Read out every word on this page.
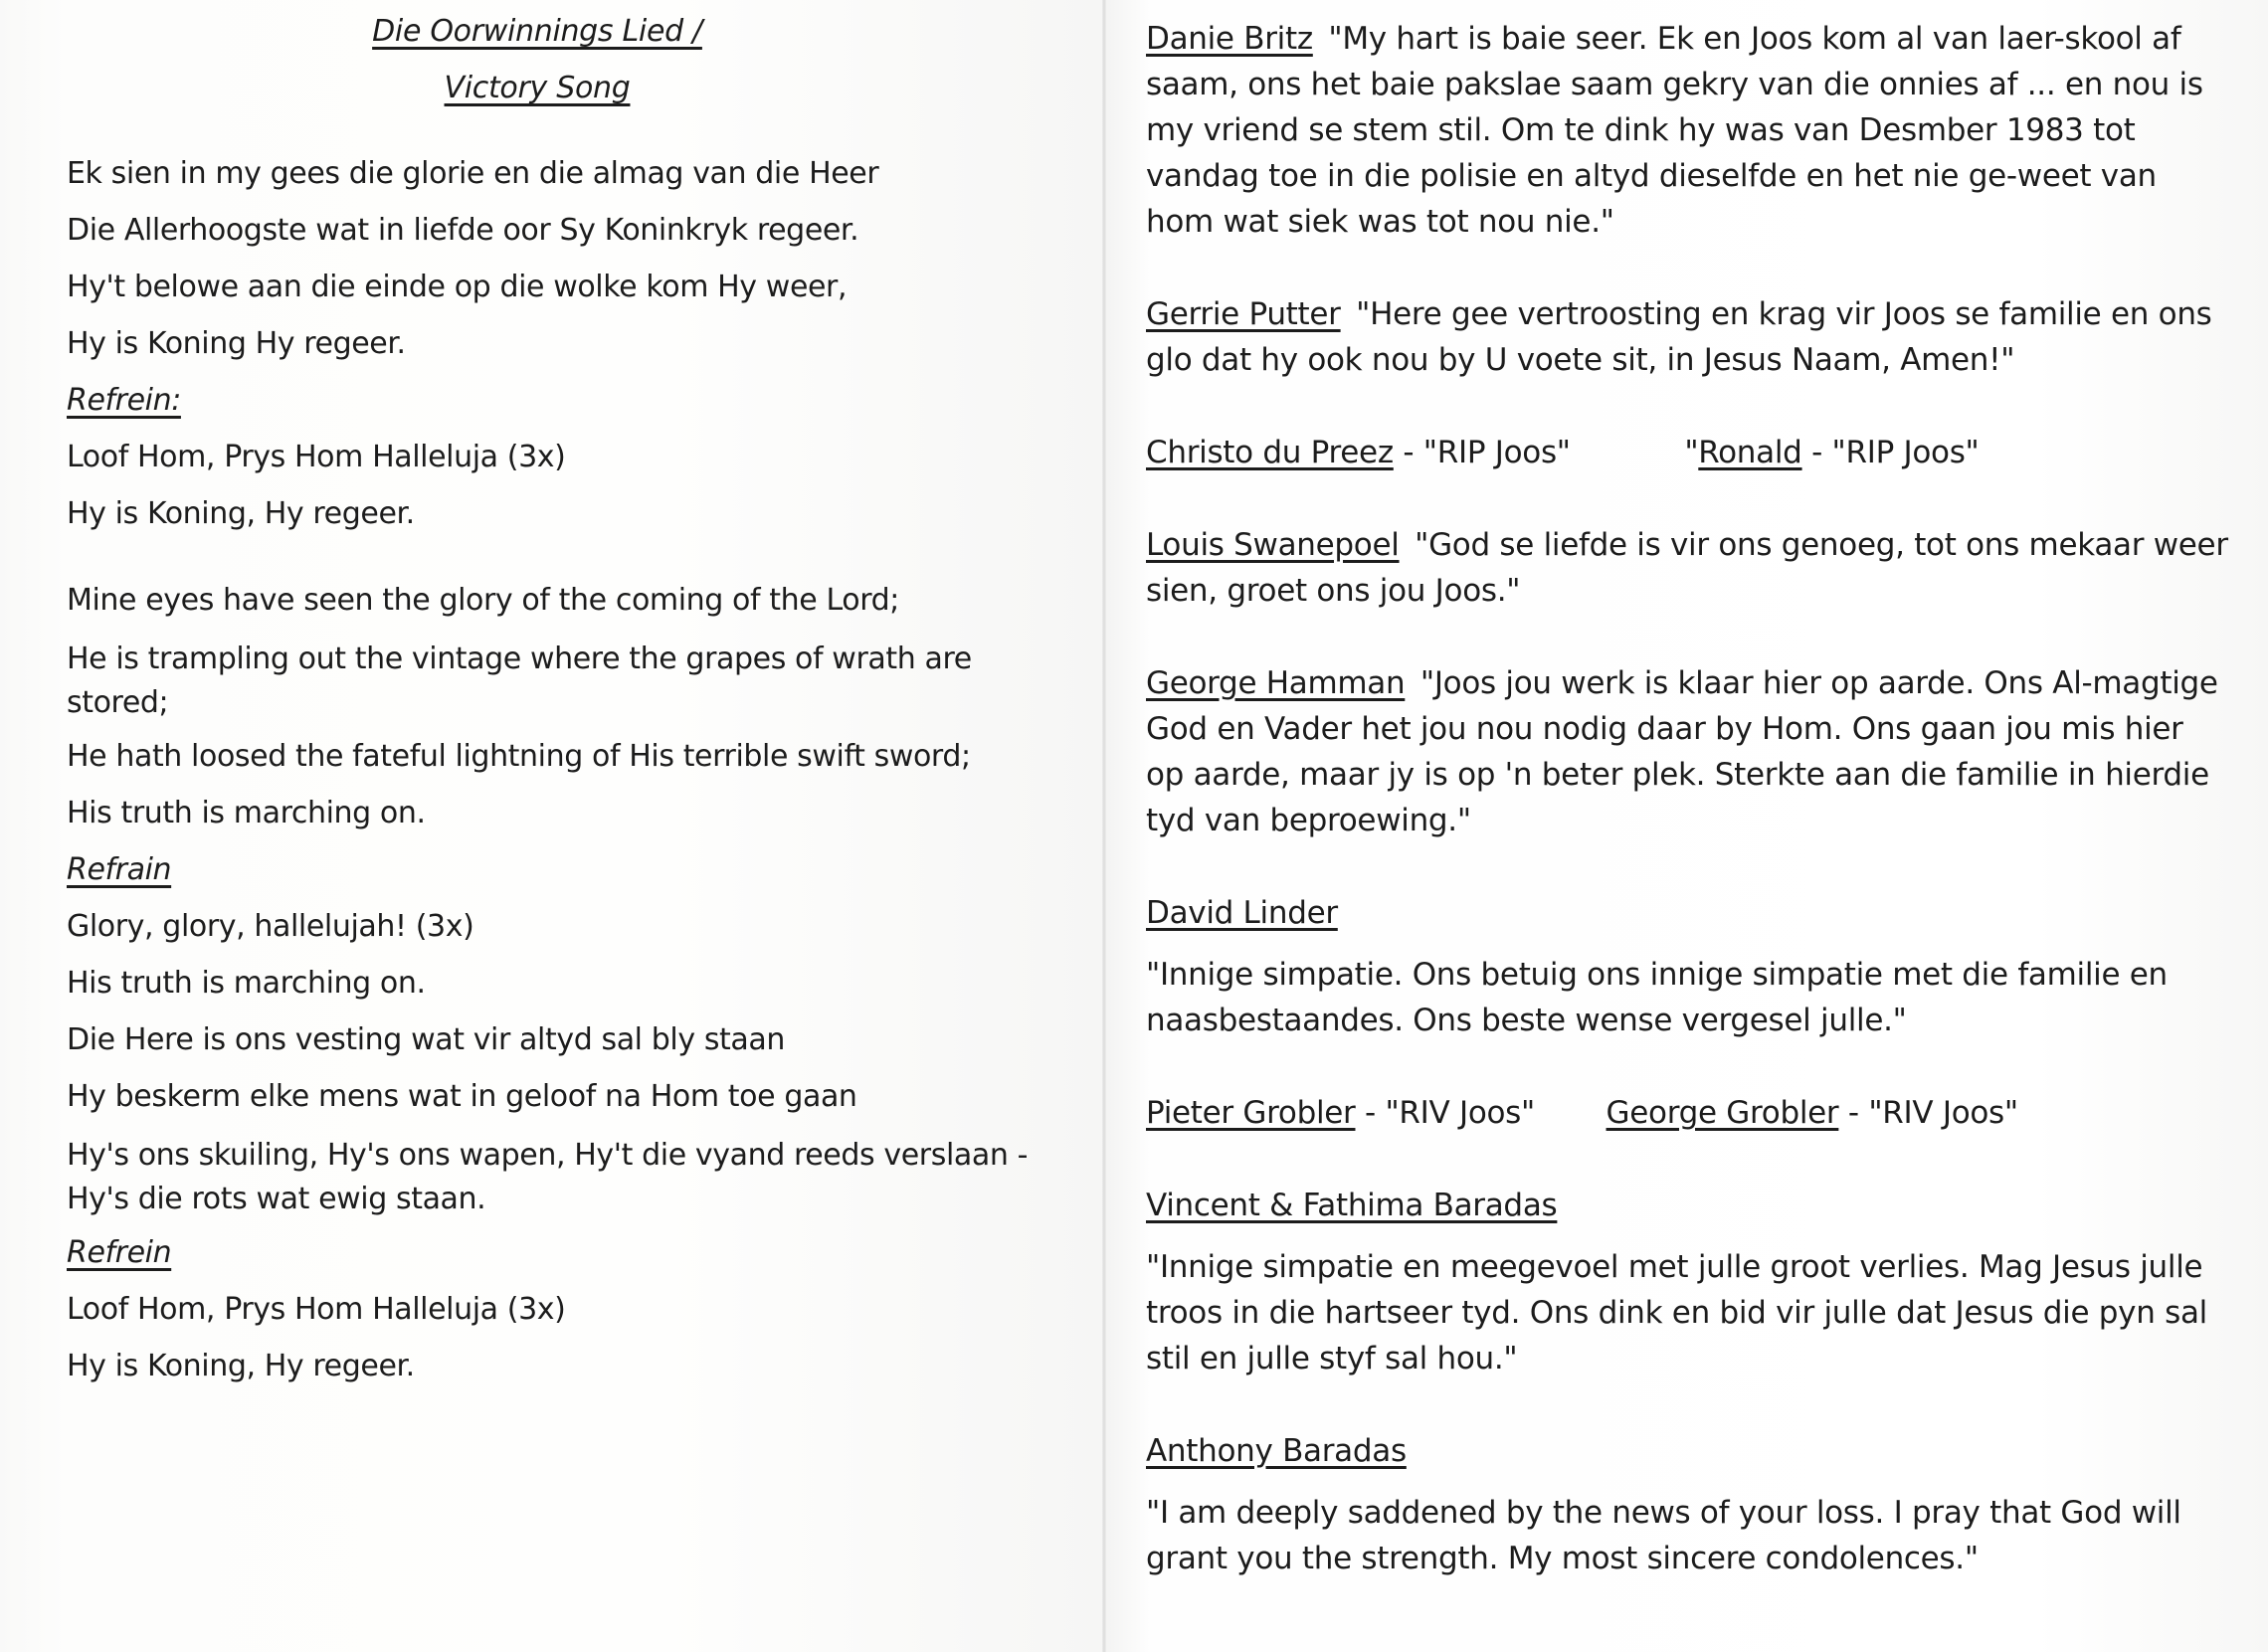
Die Oorwinnings Lied /
Victory Song
Ek sien in my gees die glorie en die almag van die Heer
Die Allerhoogste wat in liefde oor Sy Koninkryk regeer.
Hy't belowe aan die einde op die wolke kom Hy weer,
Hy is Koning Hy regeer.
Refrein:
Loof Hom, Prys Hom Halleluja (3x)
Hy is Koning, Hy regeer.
Mine eyes have seen the glory of the coming of the Lord;
He is trampling out the vintage where the grapes of wrath are stored;
He hath loosed the fateful lightning of His terrible swift sword;
His truth is marching on.
Refrain
Glory, glory, hallelujah! (3x)
His truth is marching on.
Die Here is ons vesting wat vir altyd sal bly staan
Hy beskerm elke mens wat in geloof na Hom toe gaan
Hy's ons skuiling, Hy's ons wapen, Hy't die vyand reeds verslaan - Hy's die rots wat ewig staan.
Refrein
Loof Hom, Prys Hom Halleluja (3x)
Hy is Koning, Hy regeer.

Danie Britz "My hart is baie seer. Ek en Joos kom al van laer-skool af saam, ons het baie pakslae saam gekry van die onnies af ... en nou is my vriend se stem stil. Om te dink hy was van Desmber 1983 tot vandag toe in die polisie en altyd dieselfde en het nie ge-weet van hom wat siek was tot nou nie."

Gerrie Putter "Here gee vertroosting en krag vir Joos se familie en ons glo dat hy ook nou by U voete sit, in Jesus Naam, Amen!"

Christo du Preez - "RIP Joos"	"Ronald - "RIP Joos"

Louis Swanepoel "God se liefde is vir ons genoeg, tot ons mekaar weer sien, groet ons jou Joos."

George Hamman "Joos jou werk is klaar hier op aarde. Ons Al-magtige God en Vader het jou nou nodig daar by Hom. Ons gaan jou mis hier op aarde, maar jy is op 'n beter plek. Sterkte aan die familie in hierdie tyd van beproewing."

David Linder

"Innige simpatie. Ons betuig ons innige simpatie met die familie en naasbestaandes. Ons beste wense vergesel julle."

Pieter Grobler - "RIV Joos" George Grobler - "RIV Joos"

Vincent & Fathima Baradas

"Innige simpatie en meegevoel met julle groot verlies. Mag Jesus julle troos in die hartseer tyd. Ons dink en bid vir julle dat Jesus die pyn sal stil en julle styf sal hou."

Anthony Baradas

"I am deeply saddened by the news of your loss. I pray that God will grant you the strength. My most sincere condolences."
